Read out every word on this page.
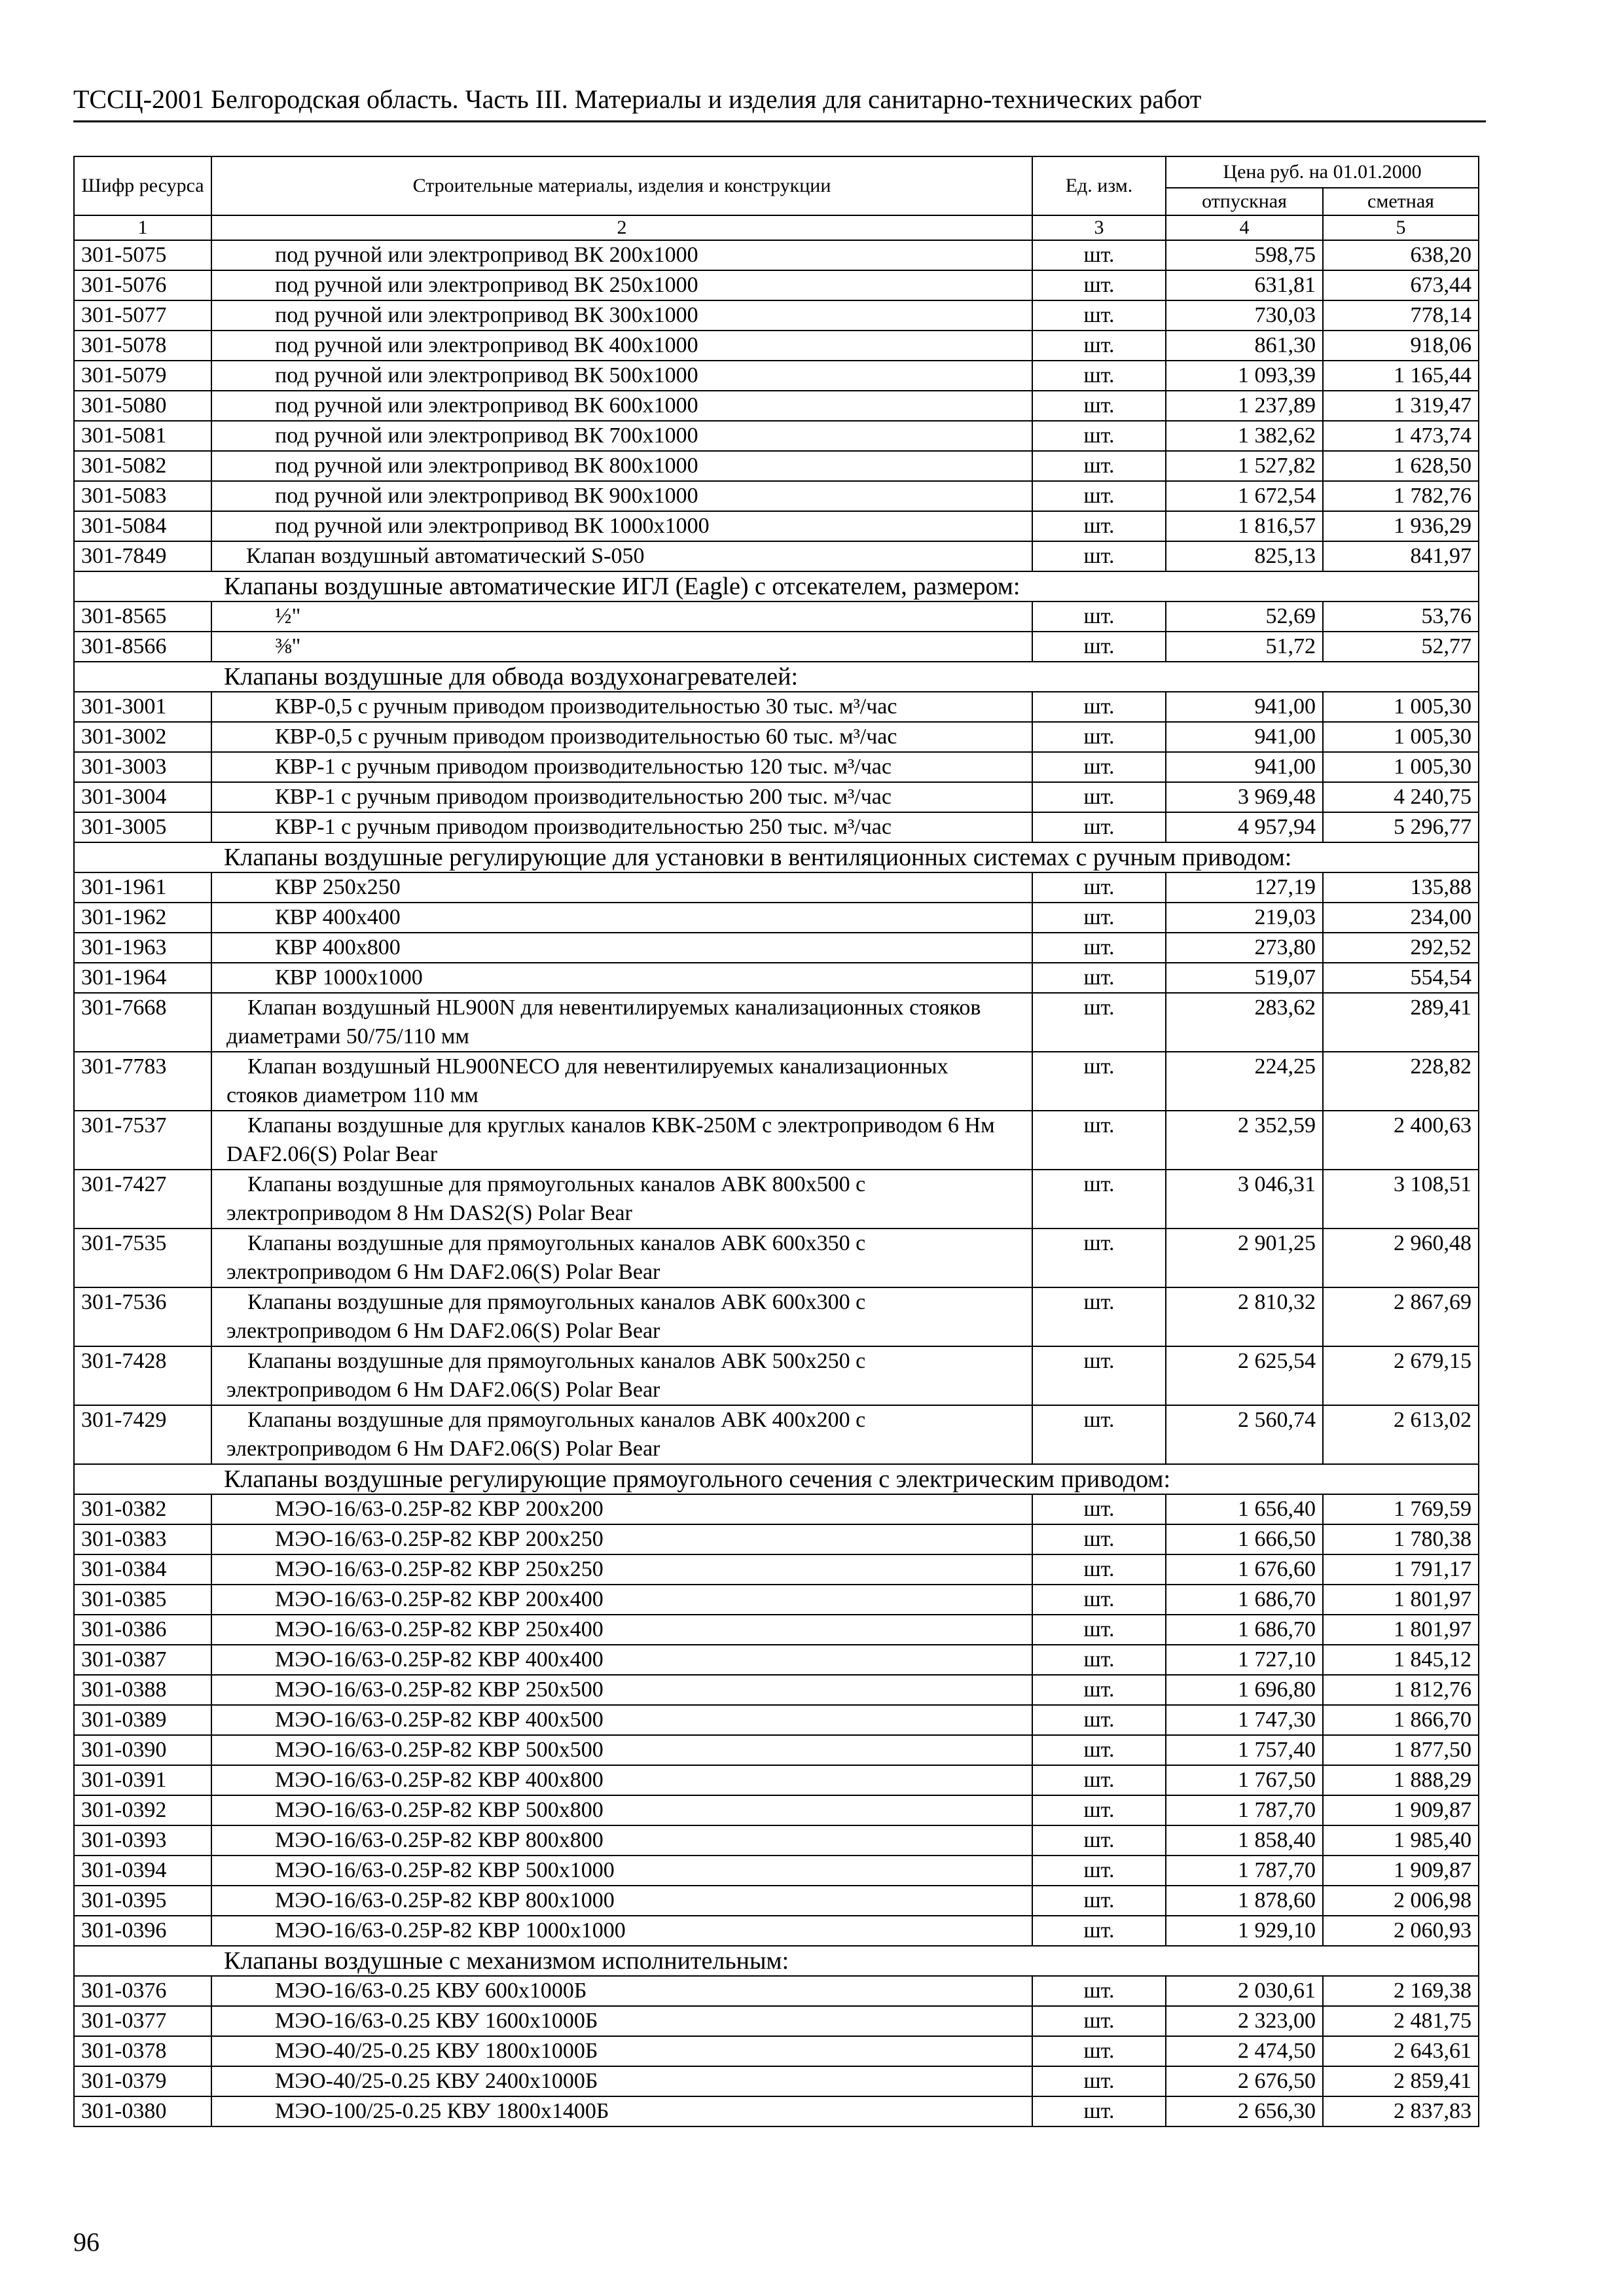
ТССЦ-2001 Белгородская область. Часть III. Материалы и изделия для санитарно-технических работ
Шифр ресурса	Строительные материалы, изделия и конструкции	Ед. изм.	Цена руб. на 01.01.2000	
			отпускная	сметная
1	2	3	4	5
301-5075	под ручной или электропривод ВК 200х1000	шт.	598,75	638,20
301-5076	под ручной или электропривод ВК 250х1000	шт.	631,81	673,44
301-5077	под ручной или электропривод ВК 300х1000	шт.	730,03	778,14
301-5078	под ручной или электропривод ВК 400х1000	шт.	861,30	918,06
301-5079	под ручной или электропривод ВК 500х1000	шт.	1 093,39	1 165,44
301-5080	под ручной или электропривод ВК 600х1000	шт.	1 237,89	1 319,47
301-5081	под ручной или электропривод ВК 700х1000	шт.	1 382,62	1 473,74
301-5082	под ручной или электропривод ВК 800х1000	шт.	1 527,82	1 628,50
301-5083	под ручной или электропривод ВК 900х1000	шт.	1 672,54	1 782,76
301-5084	под ручной или электропривод ВК 1000х1000	шт.	1 816,57	1 936,29
301-7849	Клапан воздушный автоматический S-050	шт.	825,13	841,97
Клапаны воздушные автоматические ИГЛ (Eagle) с отсекателем, размером:				
301-8565	½"	шт.	52,69	53,76
301-8566	⅜"	шт.	51,72	52,77
Клапаны воздушные для обвода воздухонагревателей:				
301-3001	КВР-0,5 с ручным приводом производительностью 30 тыс. м³/час	шт.	941,00	1 005,30
301-3002	КВР-0,5 с ручным приводом производительностью 60 тыс. м³/час	шт.	941,00	1 005,30
301-3003	КВР-1 с ручным приводом производительностью 120 тыс. м³/час	шт.	941,00	1 005,30
301-3004	КВР-1 с ручным приводом производительностью 200 тыс. м³/час	шт.	3 969,48	4 240,75
301-3005	КВР-1 с ручным приводом производительностью 250 тыс. м³/час	шт.	4 957,94	5 296,77
Клапаны воздушные регулирующие для установки в вентиляционных системах с ручным приводом:				
301-1961	КВР 250х250	шт.	127,19	135,88
301-1962	КВР 400х400	шт.	219,03	234,00
301-1963	КВР 400х800	шт.	273,80	292,52
301-1964	КВР 1000х1000	шт.	519,07	554,54
301-7668	Клапан воздушный HL900N для невентилируемых канализационных стояков диаметрами 50/75/110 мм	шт.	283,62	289,41
301-7783	Клапан воздушный HL900NECO для невентилируемых канализационных стояков диаметром 110 мм	шт.	224,25	228,82
301-7537	Клапаны воздушные для круглых каналов КВК-250М с электроприводом 6 Нм DAF2.06(S) Polar Bear	шт.	2 352,59	2 400,63
301-7427	Клапаны воздушные для прямоугольных каналов АВК 800х500 с электроприводом 8 Нм DAS2(S) Polar Bear	шт.	3 046,31	3 108,51
301-7535	Клапаны воздушные для прямоугольных каналов АВК 600х350 с электроприводом 6 Нм DAF2.06(S) Polar Bear	шт.	2 901,25	2 960,48
301-7536	Клапаны воздушные для прямоугольных каналов АВК 600х300 с электроприводом 6 Нм DAF2.06(S) Polar Bear	шт.	2 810,32	2 867,69
301-7428	Клапаны воздушные для прямоугольных каналов АВК 500х250 с электроприводом 6 Нм DAF2.06(S) Polar Bear	шт.	2 625,54	2 679,15
301-7429	Клапаны воздушные для прямоугольных каналов АВК 400х200 с электроприводом 6 Нм DAF2.06(S) Polar Bear	шт.	2 560,74	2 613,02
Клапаны воздушные регулирующие прямоугольного сечения с электрическим приводом:				
301-0382	МЭО-16/63-0.25Р-82 КВР 200х200	шт.	1 656,40	1 769,59
301-0383	МЭО-16/63-0.25Р-82 КВР 200х250	шт.	1 666,50	1 780,38
301-0384	МЭО-16/63-0.25Р-82 КВР 250х250	шт.	1 676,60	1 791,17
301-0385	МЭО-16/63-0.25Р-82 КВР 200х400	шт.	1 686,70	1 801,97
301-0386	МЭО-16/63-0.25Р-82 КВР 250х400	шт.	1 686,70	1 801,97
301-0387	МЭО-16/63-0.25Р-82 КВР 400х400	шт.	1 727,10	1 845,12
301-0388	МЭО-16/63-0.25Р-82 КВР 250х500	шт.	1 696,80	1 812,76
301-0389	МЭО-16/63-0.25Р-82 КВР 400х500	шт.	1 747,30	1 866,70
301-0390	МЭО-16/63-0.25Р-82 КВР 500х500	шт.	1 757,40	1 877,50
301-0391	МЭО-16/63-0.25Р-82 КВР 400х800	шт.	1 767,50	1 888,29
301-0392	МЭО-16/63-0.25Р-82 КВР 500х800	шт.	1 787,70	1 909,87
301-0393	МЭО-16/63-0.25Р-82 КВР 800х800	шт.	1 858,40	1 985,40
301-0394	МЭО-16/63-0.25Р-82 КВР 500х1000	шт.	1 787,70	1 909,87
301-0395	МЭО-16/63-0.25Р-82 КВР 800х1000	шт.	1 878,60	2 006,98
301-0396	МЭО-16/63-0.25Р-82 КВР 1000х1000	шт.	1 929,10	2 060,93
Клапаны воздушные с механизмом исполнительным:				
301-0376	МЭО-16/63-0.25 КВУ 600х1000Б	шт.	2 030,61	2 169,38
301-0377	МЭО-16/63-0.25 КВУ 1600х1000Б	шт.	2 323,00	2 481,75
301-0378	МЭО-40/25-0.25 КВУ 1800х1000Б	шт.	2 474,50	2 643,61
301-0379	МЭО-40/25-0.25 КВУ 2400х1000Б	шт.	2 676,50	2 859,41
301-0380	МЭО-100/25-0.25 КВУ 1800х1400Б	шт.	2 656,30	2 837,83
96
